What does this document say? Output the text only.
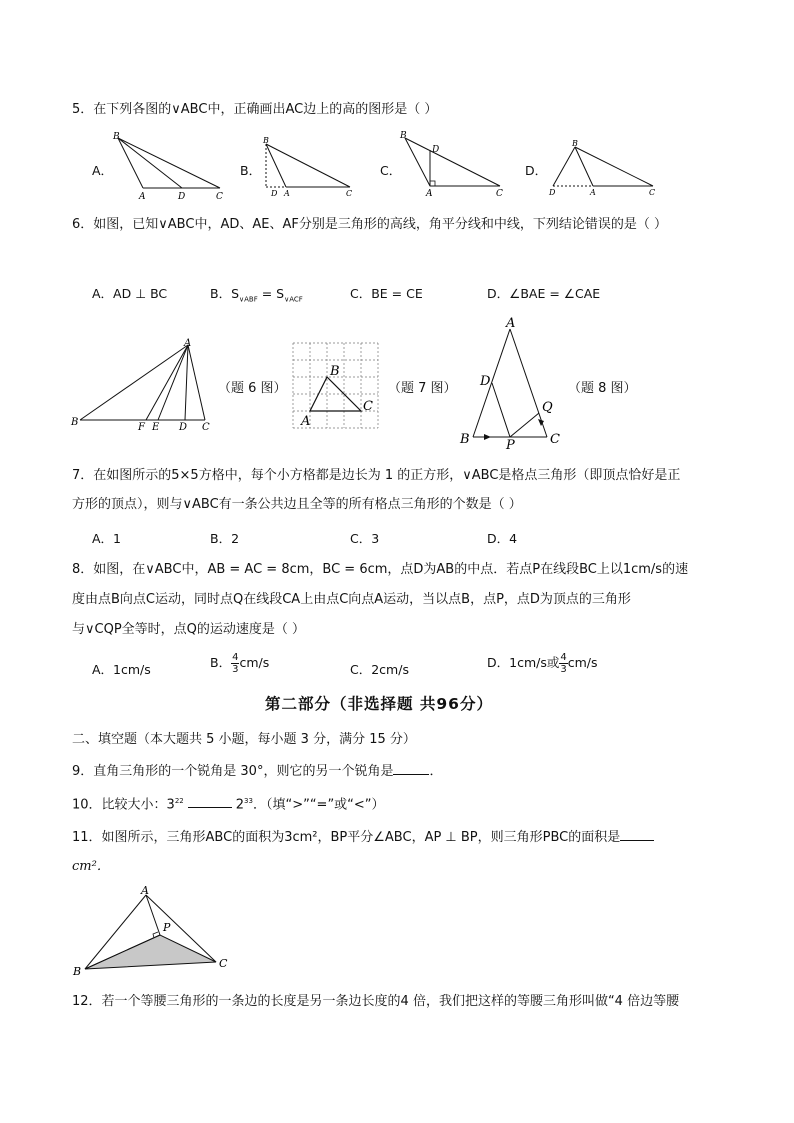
5．在下列各图的∨ABC中，正确画出AC边上的高的图形是（ ）
A．
B
A	D	C
B．
B
D A	C
C．
B
D
A	C
D．
B
D	A	C
6．如图，已知∨ABC中，AD、AE、AF分别是三角形的高线，角平分线和中线，下列结论错误的是（ ）
A．AD ⊥ BC	B．$S_{\vee ABF} = S_{\vee ACF}$	C．BE = CE	D．∠BAE = ∠CAE
A
B	F E D C
（题 6 图）
B
A
C
（题 7 图）
A
D
Q
B	P	C
（题 8 图）
7．在如图所示的5×5方格中，每个小方格都是边长为 1 的正方形，∨ABC是格点三角形（即顶点恰好是正
方形的顶点），则与∨ABC有一条公共边且全等的所有格点三角形的个数是（ ）
A．1	B．2	C．3	D．4
8．如图，在∨ABC中，AB = AC = 8cm，BC = 6cm，点D为AB的中点．若点P在线段BC上以1cm/s的速
度由点B向点C运动，同时点Q在线段CA上由点C向点A运动，当以点B，点P，点D为顶点的三角形
与∨CQP全等时，点Q的运动速度是（ ）
A．1cm/s	B． $\frac{4}{3} cm/s$	C．2cm/s	D．1cm/s或 $\frac{4}{3} cm/s$
第二部分（非选择题 共96分）
二、填空题（本大题共 5 小题，每小题 3 分，满分 15 分）
9．直角三角形的一个锐角是 30°，则它的另一个锐角是	．
10．比较大小：$3^{22}$	$2^{33}$．（填“>”“=”或“<”）
11．如图所示，三角形ABC的面积为3cm²，BP平分∠ABC，AP ⊥ BP，则三角形PBC的面积是
cm²．
A
P
B
C
12．若一个等腰三角形的一条边的长度是另一条边长度的4 倍，我们把这样的等腰三角形叫做“4 倍边等腰
